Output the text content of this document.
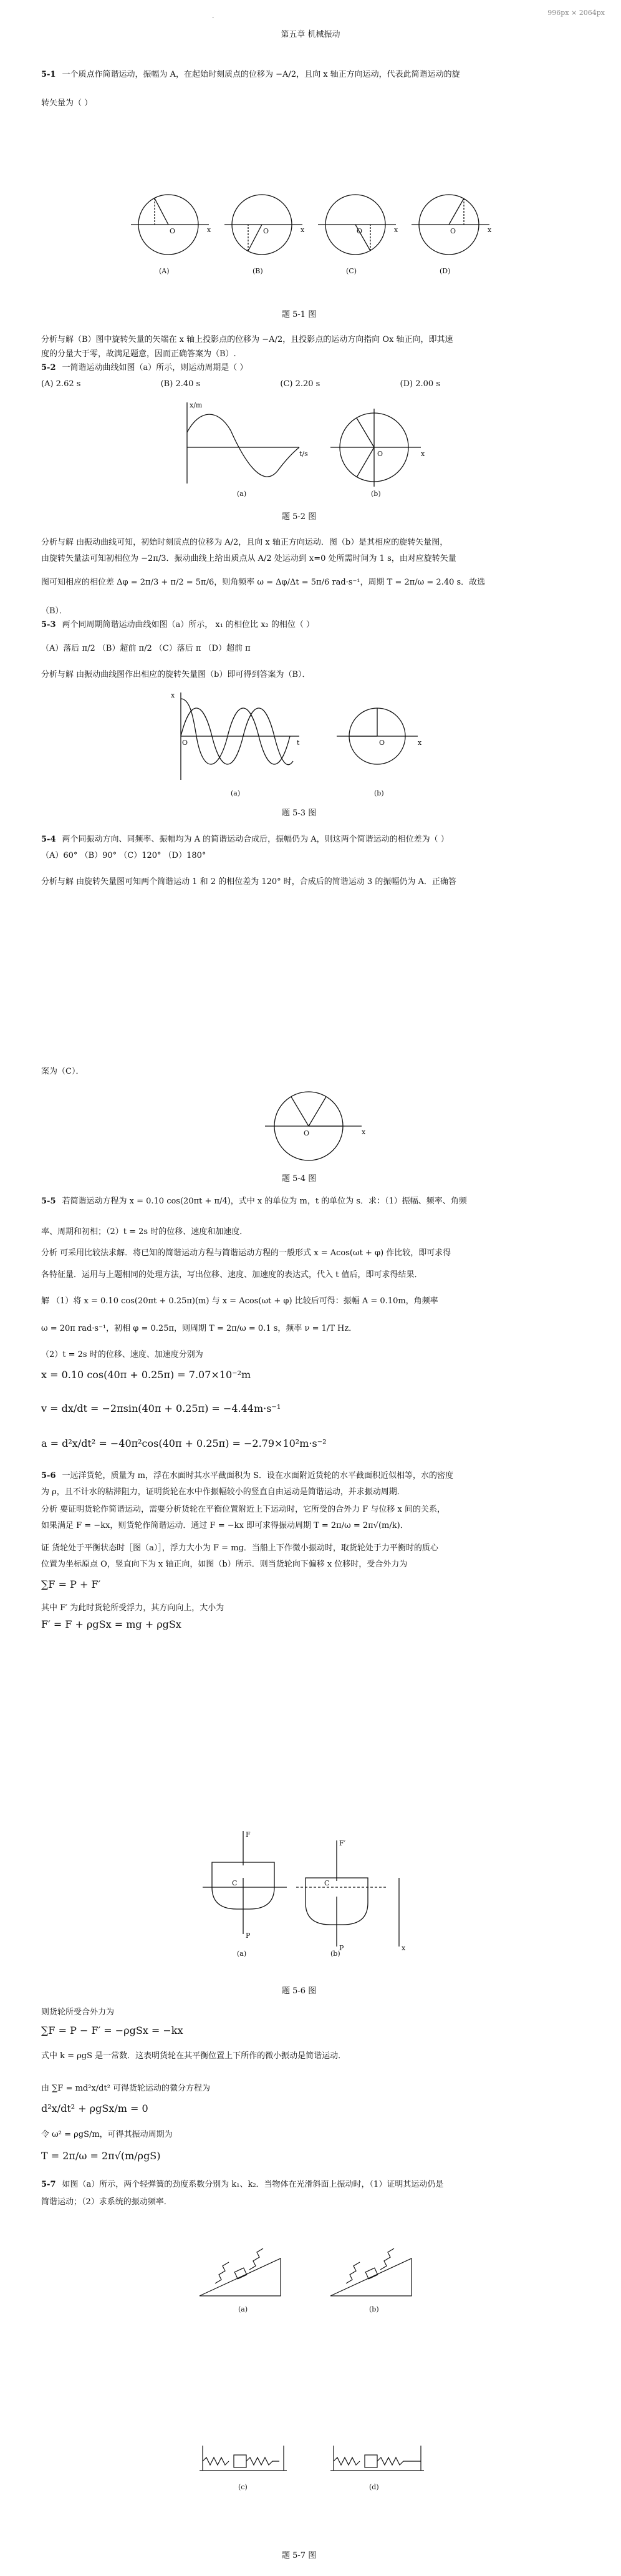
·
996px × 2064px
第五章 机械振动
5-1 一个质点作简谐运动，振幅为 A，在起始时刻质点的位移为 −A/2，且向 x 轴正方向运动，代表此简谐运动的旋
转矢量为（ ）
x	x	x	x
O	O	O	O
(A)	(B)	(C)	(D)
题 5-1 图
分析与解（B）图中旋转矢量的矢端在 x 轴上投影点的位移为 −A/2，且投影点的运动方向指向 Ox 轴正向，即其速
度的分量大于零，故满足题意，因而正确答案为（B）.
5-2 一简谐运动曲线如图（a）所示，则运动周期是（ ）
(A) 2.62 s	(B) 2.40 s	(C) 2.20 s	(D) 2.00 s
x/m
t/s	x
O
(a)	(b)
题 5-2 图
分析与解 由振动曲线可知，初始时刻质点的位移为 A/2，且向 x 轴正方向运动．图（b）是其相应的旋转矢量图，
由旋转矢量法可知初相位为 −2π/3．振动曲线上给出质点从 A/2 处运动到 x=0 处所需时间为 1 s，由对应旋转矢量
图可知相应的相位差 Δφ = 2π/3 + π/2 = 5π/6，则角频率 ω = Δφ/Δt = 5π/6 rad·s⁻¹，周期 T = 2π/ω = 2.40 s．故选
（B）．
5-3 两个同周期简谐运动曲线如图（a）所示， x₁ 的相位比 x₂ 的相位（ ）
（A）落后 π/2 （B）超前 π/2 （C）落后 π （D）超前 π
分析与解 由振动曲线图作出相应的旋转矢量图（b）即可得到答案为（B）．
x
t
O	x
O
(a)	(b)
题 5-3 图
5-4 两个同振动方向、同频率、振幅均为 A 的简谐运动合成后，振幅仍为 A，则这两个简谐运动的相位差为（ ）
（A）60° （B）90° （C）120° （D）180°
分析与解 由旋转矢量图可知两个简谐运动 1 和 2 的相位差为 120° 时，合成后的简谐运动 3 的振幅仍为 A．正确答
案为（C）．
x
O
题 5-4 图
5-5 若简谐运动方程为 x = 0.10 cos(20πt + π/4)，式中 x 的单位为 m，t 的单位为 s．求：（1）振幅、频率、角频
率、周期和初相；（2）t = 2s 时的位移、速度和加速度．
分析 可采用比较法求解．将已知的简谐运动方程与简谐运动方程的一般形式 x = Acos(ωt + φ) 作比较，即可求得
各特征量．运用与上题相同的处理方法，写出位移、速度、加速度的表达式，代入 t 值后，即可求得结果．
解 （1）将 x = 0.10 cos(20πt + 0.25π)(m) 与 x = Acos(ωt + φ) 比较后可得：振幅 A = 0.10m，角频率
ω = 20π rad·s⁻¹，初相 φ = 0.25π，则周期 T = 2π/ω = 0.1 s，频率 ν = 1/T Hz．
（2）t = 2s 时的位移、速度、加速度分别为
x = 0.10 cos(40π + 0.25π) = 7.07×10⁻²m
v = dx/dt = −2πsin(40π + 0.25π) = −4.44m·s⁻¹
a = d²x/dt² = −40π²cos(40π + 0.25π) = −2.79×10²m·s⁻²
5-6 一远洋货轮，质量为 m，浮在水面时其水平截面积为 S．设在水面附近货轮的水平截面积近似相等，水的密度
为 ρ，且不计水的粘滞阻力，证明货轮在水中作振幅较小的竖直自由运动是简谐运动，并求振动周期．
分析 要证明货轮作简谐运动，需要分析货轮在平衡位置附近上下运动时，它所受的合外力 F 与位移 x 间的关系，
如果满足 F = −kx，则货轮作简谐运动．通过 F = −kx 即可求得振动周期 T = 2π/ω = 2π√(m/k)．
证 货轮处于平衡状态时［图（a）］，浮力大小为 F = mg．当船上下作微小振动时，取货轮处于力平衡时的质心
位置为坐标原点 O，竖直向下为 x 轴正向，如图（b）所示．则当货轮向下偏移 x 位移时，受合外力为
∑F = P + F′
其中 F′ 为此时货轮所受浮力，其方向向上，大小为
F′ = F + ρgSx = mg + ρgSx
F
P
C
F′
P
C
x
(a)	(b)
题 5-6 图
则货轮所受合外力为
∑F = P − F′ = −ρgSx = −kx
式中 k = ρgS 是一常数．这表明货轮在其平衡位置上下所作的微小振动是简谐运动．
由 ∑F = md²x/dt² 可得货轮运动的微分方程为
d²x/dt² + ρgSx/m = 0
令 ω² = ρgS/m，可得其振动周期为
T = 2π/ω = 2π√(m/ρgS)
5-7 如图（a）所示，两个轻弹簧的劲度系数分别为 k₁、k₂．当物体在光滑斜面上振动时，（1）证明其运动仍是
简谐运动；（2）求系统的振动频率．
(a)	(b)
(c)	(d)
题 5-7 图
